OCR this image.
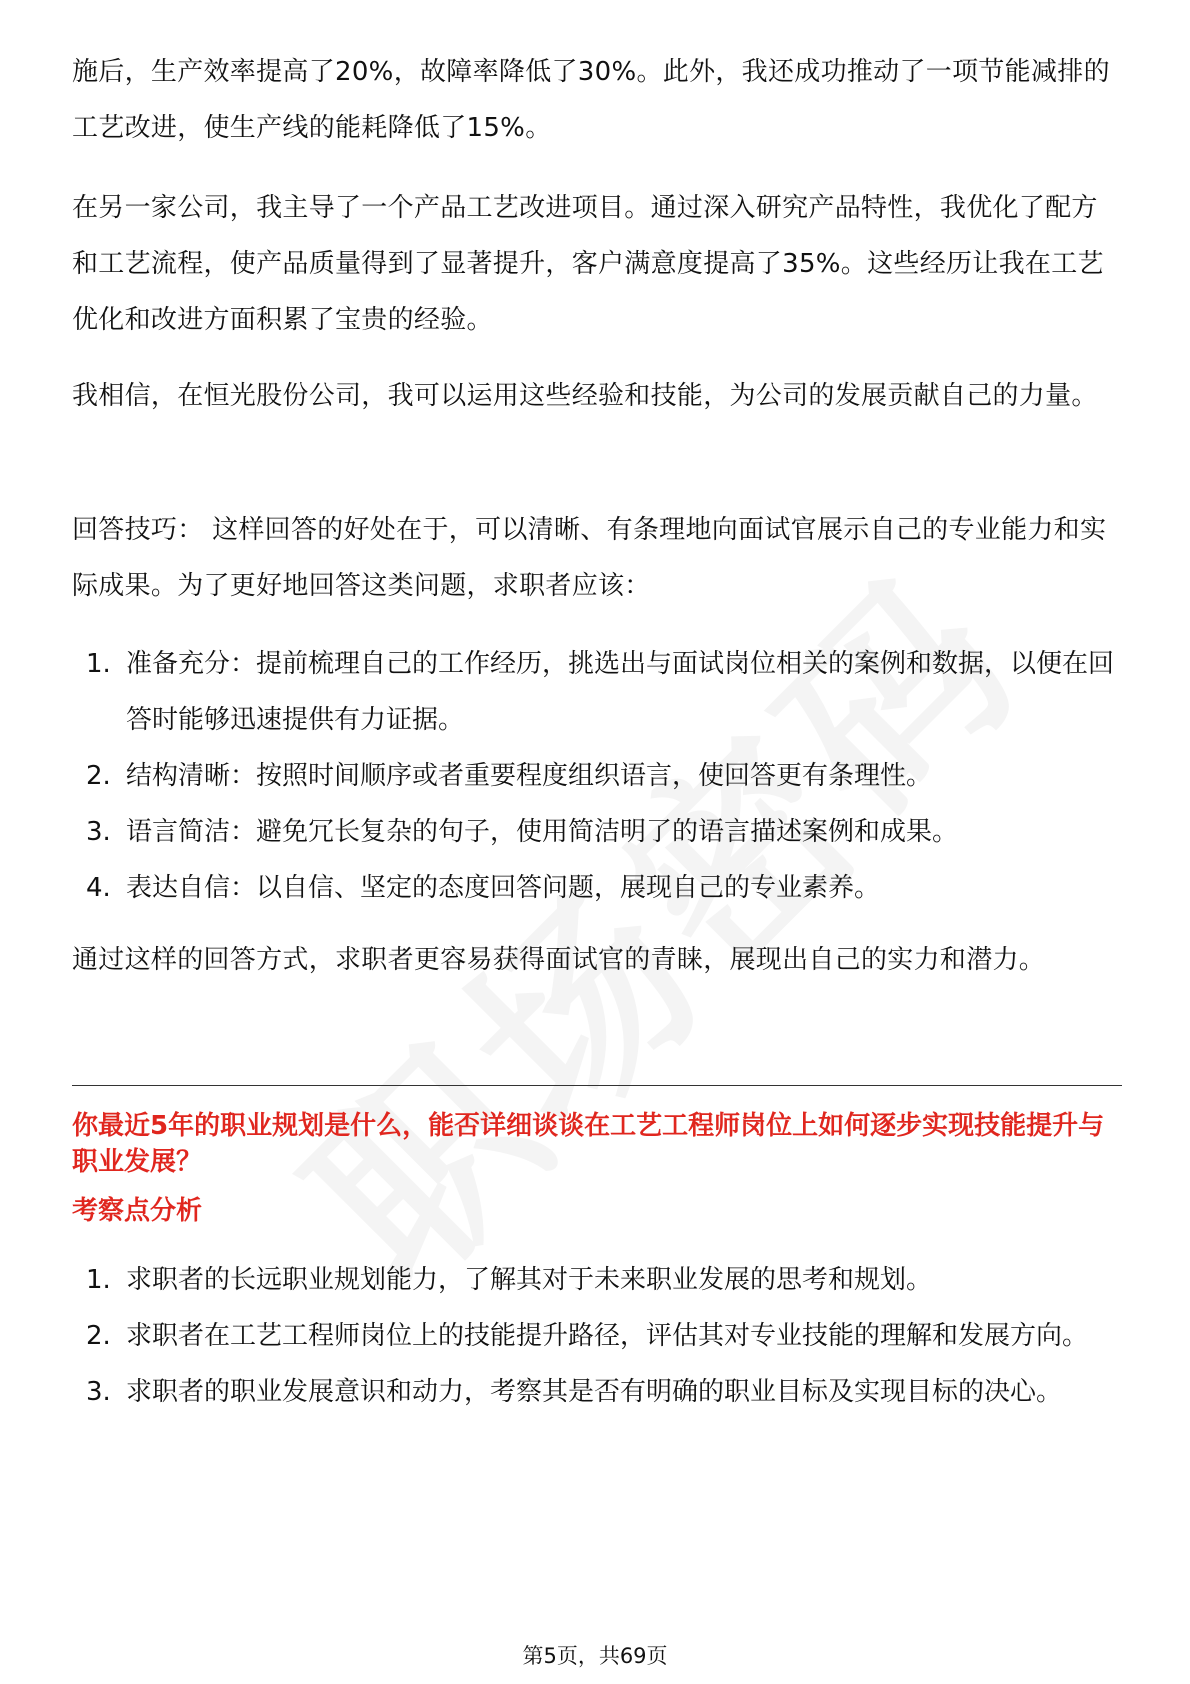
施后，生产效率提高了20%，故障率降低了30%。此外，我还成功推动了一项节能减排的工艺改进，使生产线的能耗降低了15%。

在另一家公司，我主导了一个产品工艺改进项目。通过深入研究产品特性，我优化了配方和工艺流程，使产品质量得到了显著提升，客户满意度提高了35%。这些经历让我在工艺优化和改进方面积累了宝贵的经验。

我相信，在恒光股份公司，我可以运用这些经验和技能，为公司的发展贡献自己的力量。

回答技巧： 这样回答的好处在于，可以清晰、有条理地向面试官展示自己的专业能力和实际成果。为了更好地回答这类问题，求职者应该：

1. 准备充分：提前梳理自己的工作经历，挑选出与面试岗位相关的案例和数据，以便在回答时能够迅速提供有力证据。
2. 结构清晰：按照时间顺序或者重要程度组织语言，使回答更有条理性。
3. 语言简洁：避免冗长复杂的句子，使用简洁明了的语言描述案例和成果。
4. 表达自信：以自信、坚定的态度回答问题，展现自己的专业素养。

通过这样的回答方式，求职者更容易获得面试官的青睐，展现出自己的实力和潜力。

你最近5年的职业规划是什么，能否详细谈谈在工艺工程师岗位上如何逐步实现技能提升与职业发展？

考察点分析

1. 求职者的长远职业规划能力，了解其对于未来职业发展的思考和规划。
2. 求职者在工艺工程师岗位上的技能提升路径，评估其对专业技能的理解和发展方向。
3. 求职者的职业发展意识和动力，考察其是否有明确的职业目标及实现目标的决心。
第5页，共69页
